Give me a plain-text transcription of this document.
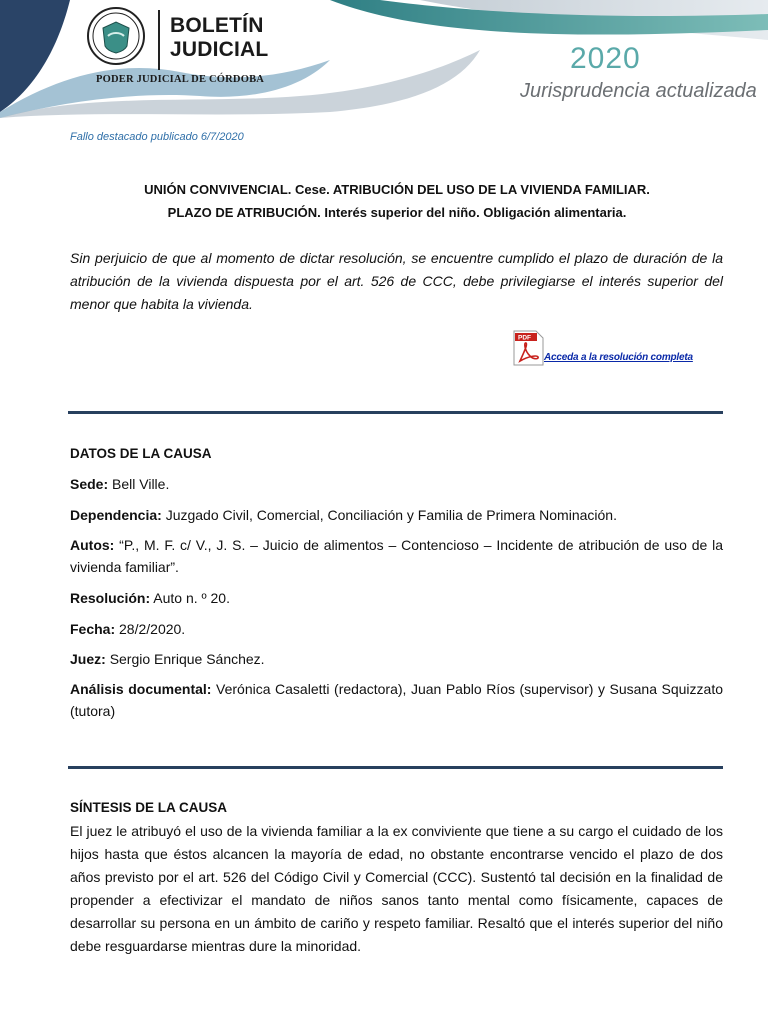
BOLETÍN
JUDICIAL
PODER JUDICIAL DE CÓRDOBA
2020
Jurisprudencia actualizada
Fallo destacado publicado 6/7/2020
UNIÓN CONVIVENCIAL. Cese. ATRIBUCIÓN DEL USO DE LA VIVIENDA FAMILIAR.
PLAZO DE ATRIBUCIÓN. Interés superior del niño. Obligación alimentaria.
Sin perjuicio de que al momento de dictar resolución, se encuentre cumplido el plazo de duración de la atribución de la vivienda dispuesta por el art. 526 de CCC, debe privilegiarse el interés superior del menor que habita la vivienda.
PDF
Acceda a la resolución completa
DATOS DE LA CAUSA
Sede: Bell Ville.
Dependencia: Juzgado Civil, Comercial, Conciliación y Familia de Primera Nominación.
Autos: “P., M. F. c/ V., J. S. – Juicio de alimentos – Contencioso – Incidente de atribución de uso de la vivienda familiar”.
Resolución: Auto n. º 20.
Fecha: 28/2/2020.
Juez: Sergio Enrique Sánchez.
Análisis documental: Verónica Casaletti (redactora), Juan Pablo Ríos (supervisor) y Susana Squizzato (tutora)
SÍNTESIS DE LA CAUSA
El juez le atribuyó el uso de la vivienda familiar a la ex conviviente que tiene a su cargo el cuidado de los hijos hasta que éstos alcancen la mayoría de edad, no obstante encontrarse vencido el plazo de dos años previsto por el art. 526 del Código Civil y Comercial (CCC). Sustentó tal decisión en la finalidad de propender a efectivizar el mandato de niños sanos tanto mental como físicamente, capaces de desarrollar su persona en un ámbito de cariño y respeto familiar. Resaltó que el interés superior del niño debe resguardarse mientras dure la minoridad.
